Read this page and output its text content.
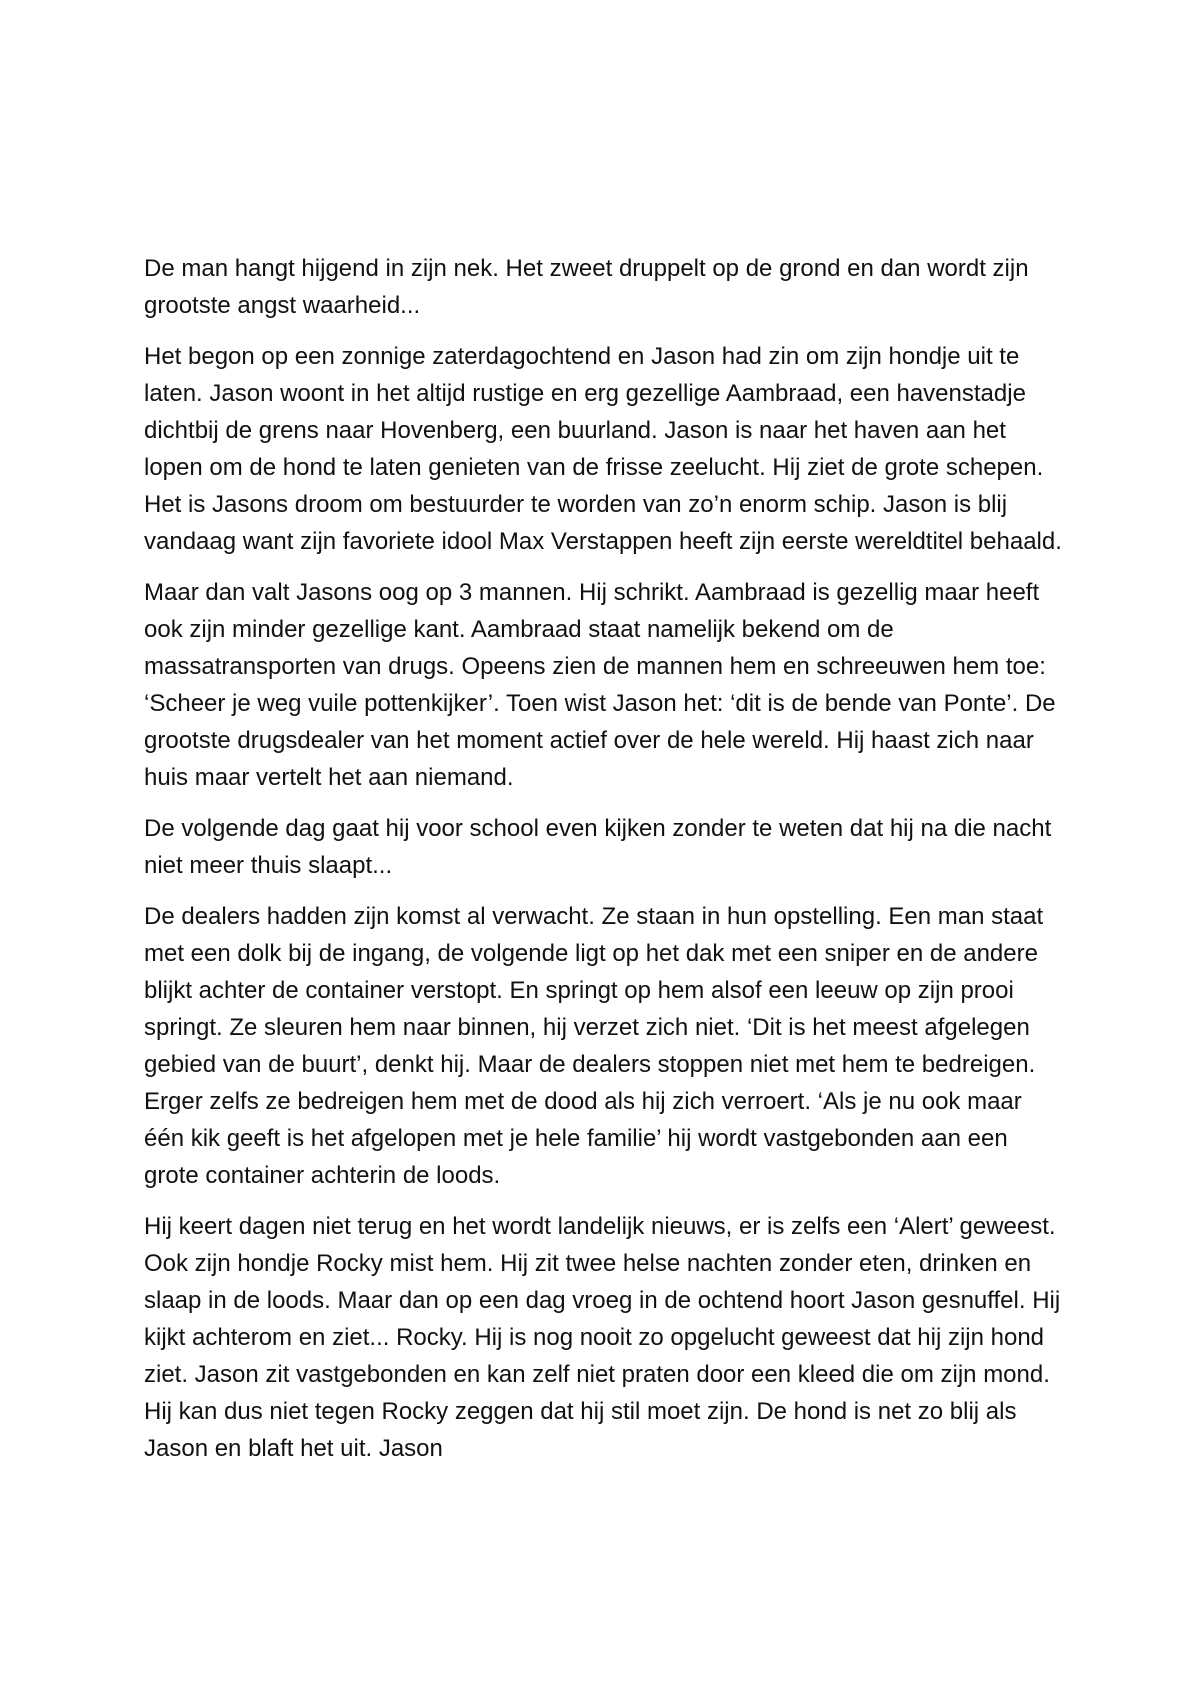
De man hangt hijgend in zijn nek. Het zweet druppelt op de grond en dan wordt zijn grootste angst waarheid...

Het begon op een zonnige zaterdagochtend en Jason had zin om zijn hondje uit te laten. Jason woont in het altijd rustige en erg gezellige Aambraad, een havenstadje dichtbij de grens naar Hovenberg, een buurland. Jason is naar het haven aan het lopen om de hond te laten genieten van de frisse zeelucht. Hij ziet de grote schepen. Het is Jasons droom om bestuurder te worden van zo’n enorm schip. Jason is blij vandaag want zijn favoriete idool Max Verstappen heeft zijn eerste wereldtitel behaald.

Maar dan valt Jasons oog op 3 mannen. Hij schrikt. Aambraad is gezellig maar heeft ook zijn minder gezellige kant. Aambraad staat namelijk bekend om de massatransporten van drugs. Opeens zien de mannen hem en schreeuwen hem toe: ‘Scheer je weg vuile pottenkijker’. Toen wist Jason het: ‘dit is de bende van Ponte’. De grootste drugsdealer van het moment actief over de hele wereld. Hij haast zich naar huis maar vertelt het aan niemand.

De volgende dag gaat hij voor school even kijken zonder te weten dat hij na die nacht niet meer thuis slaapt...

De dealers hadden zijn komst al verwacht. Ze staan in hun opstelling. Een man staat met een dolk bij de ingang, de volgende ligt op het dak met een sniper en de andere blijkt achter de container verstopt. En springt op hem alsof een leeuw op zijn prooi springt. Ze sleuren hem naar binnen, hij verzet zich niet. ‘Dit is het meest afgelegen gebied van de buurt’, denkt hij. Maar de dealers stoppen niet met hem te bedreigen. Erger zelfs ze bedreigen hem met de dood als hij zich verroert. ‘Als je nu ook maar één kik geeft is het afgelopen met je hele familie’ hij wordt vastgebonden aan een grote container achterin de loods.

Hij keert dagen niet terug en het wordt landelijk nieuws, er is zelfs een ‘Alert’ geweest. Ook zijn hondje Rocky mist hem. Hij zit twee helse nachten zonder eten, drinken en slaap in de loods. Maar dan op een dag vroeg in de ochtend hoort Jason gesnuffel. Hij kijkt achterom en ziet... Rocky. Hij is nog nooit zo opgelucht geweest dat hij zijn hond ziet. Jason zit vastgebonden en kan zelf niet praten door een kleed die om zijn mond. Hij kan dus niet tegen Rocky zeggen dat hij stil moet zijn. De hond is net zo blij als Jason en blaft het uit. Jason
